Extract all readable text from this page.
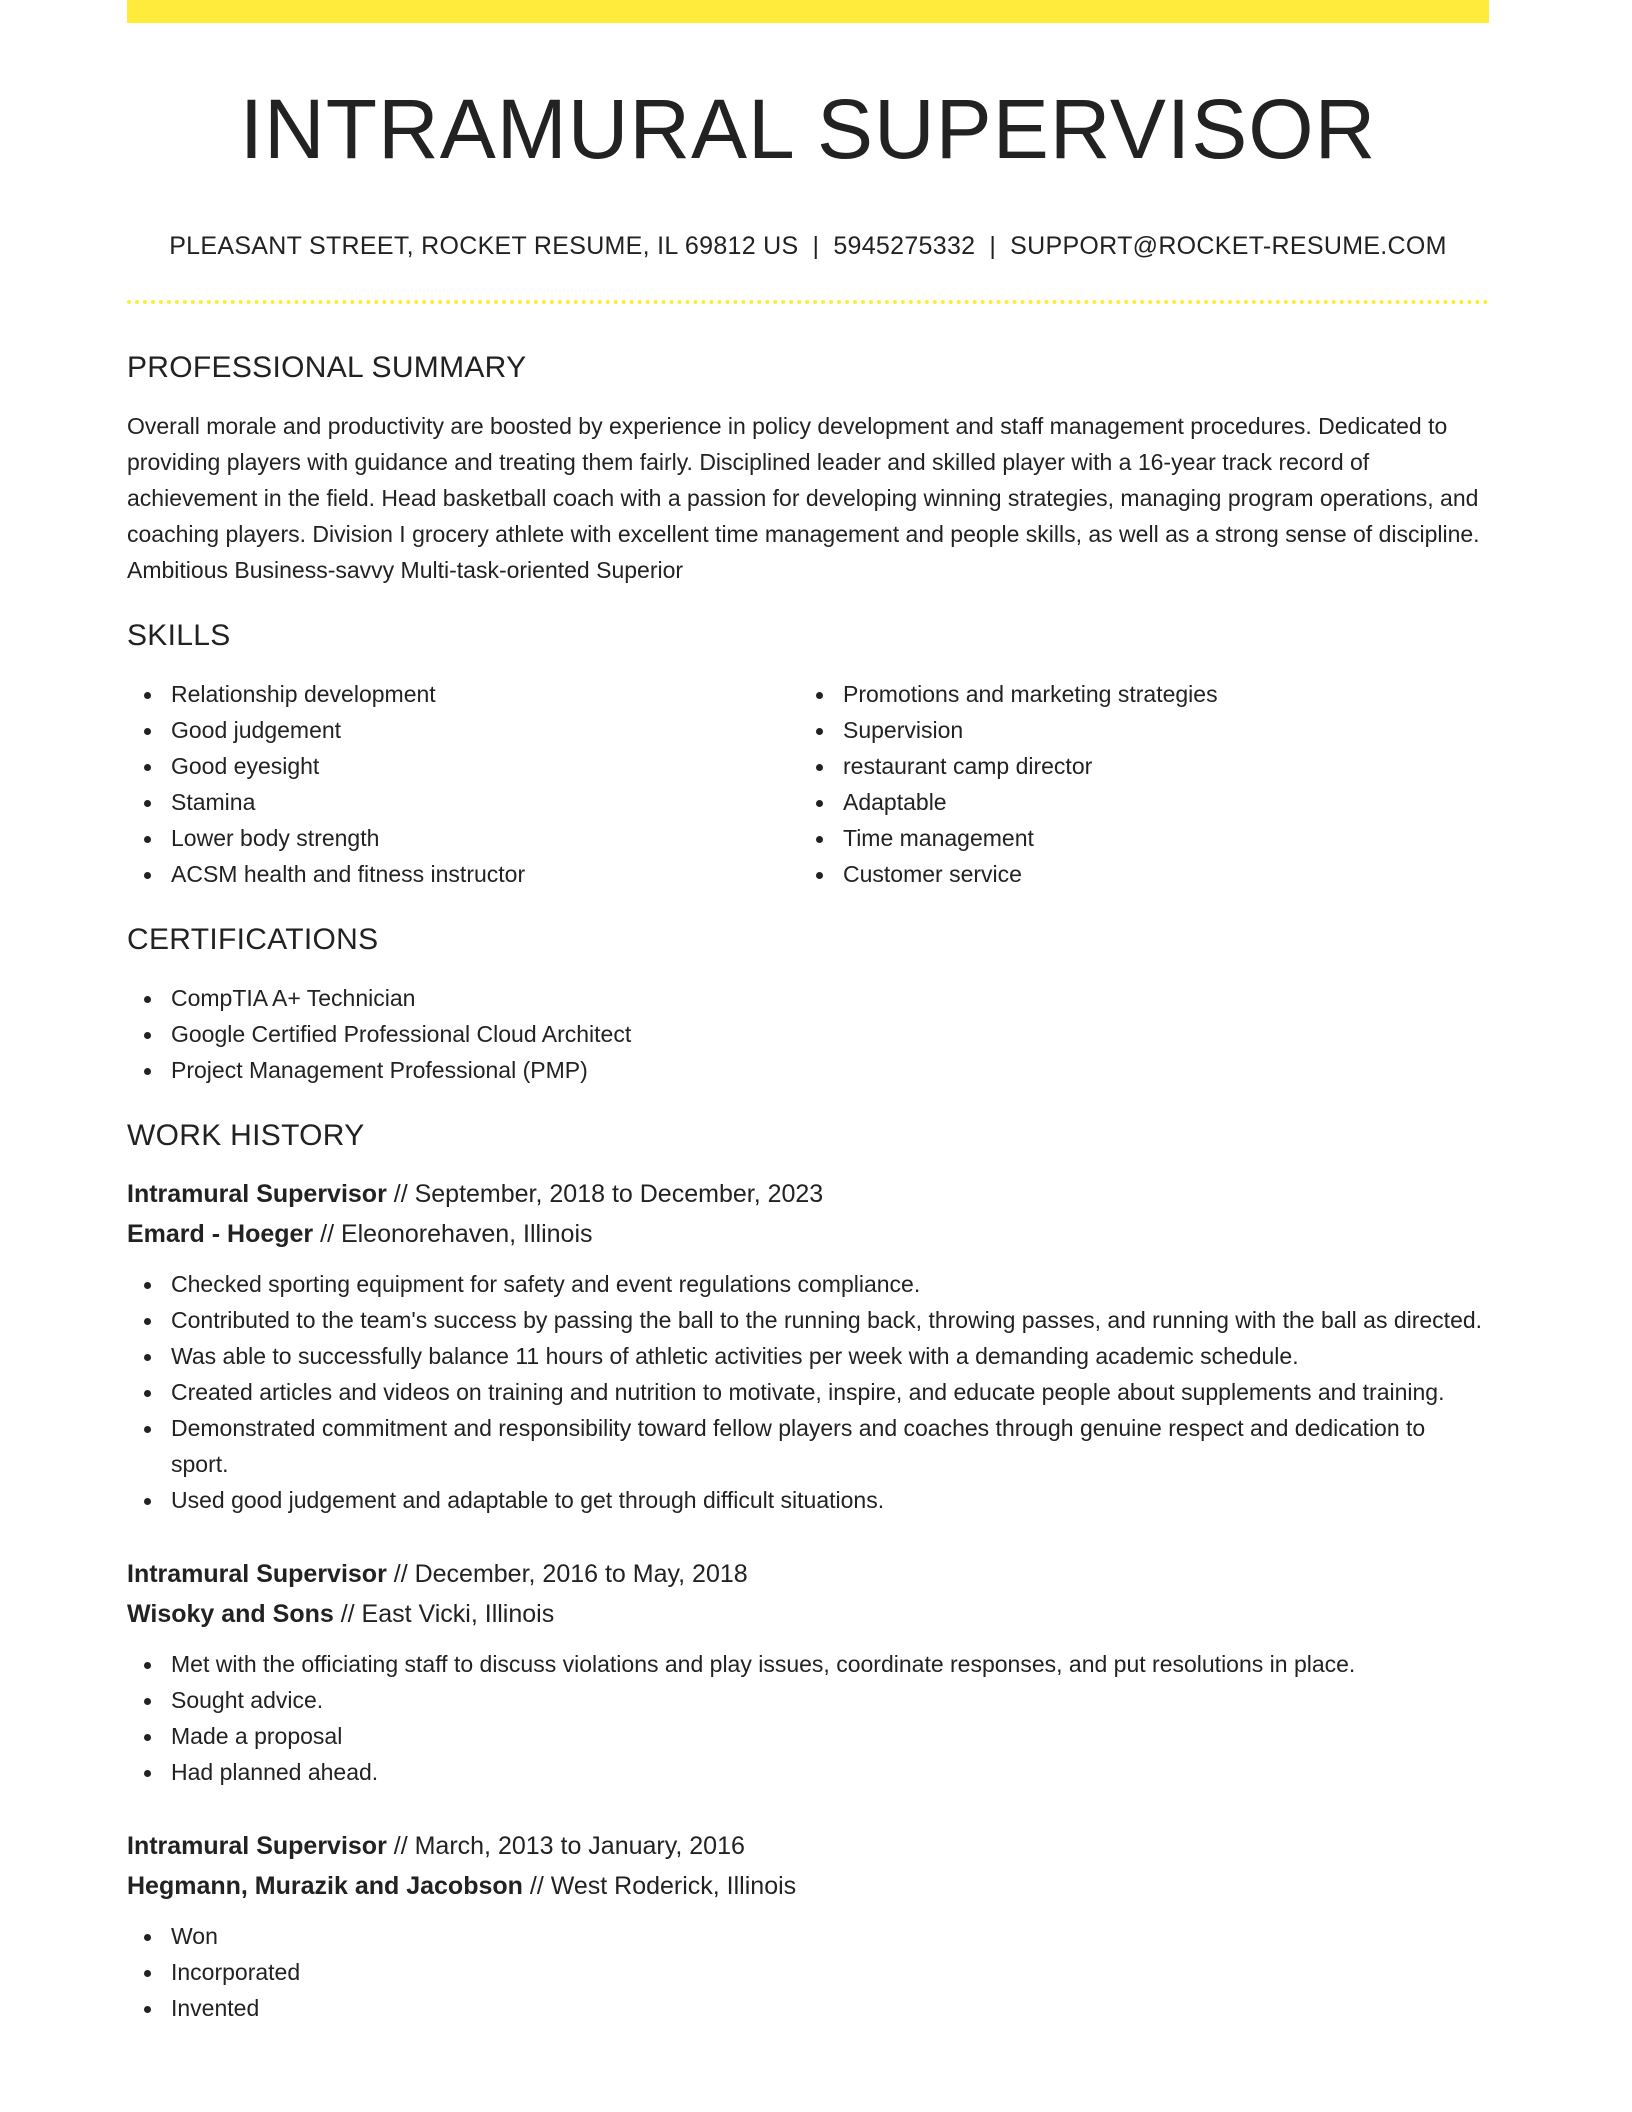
INTRAMURAL SUPERVISOR
PLEASANT STREET, ROCKET RESUME, IL 69812 US | 5945275332 | SUPPORT@ROCKET-RESUME.COM
PROFESSIONAL SUMMARY

Overall morale and productivity are boosted by experience in policy development and staff management procedures. Dedicated to providing players with guidance and treating them fairly. Disciplined leader and skilled player with a 16-year track record of achievement in the field. Head basketball coach with a passion for developing winning strategies, managing program operations, and coaching players. Division I grocery athlete with excellent time management and people skills, as well as a strong sense of discipline. Ambitious Business-savvy Multi-task-oriented Superior

SKILLS
Relationship development
Good judgement
Good eyesight
Stamina
Lower body strength
ACSM health and fitness instructor
Promotions and marketing strategies
Supervision
restaurant camp director
Adaptable
Time management
Customer service
CERTIFICATIONS
CompTIA A+ Technician
Google Certified Professional Cloud Architect
Project Management Professional (PMP)
WORK HISTORY
Intramural Supervisor // September, 2018 to December, 2023
Emard - Hoeger // Eleonorehaven, Illinois
Checked sporting equipment for safety and event regulations compliance.
Contributed to the team's success by passing the ball to the running back, throwing passes, and running with the ball as directed.
Was able to successfully balance 11 hours of athletic activities per week with a demanding academic schedule.
Created articles and videos on training and nutrition to motivate, inspire, and educate people about supplements and training.
Demonstrated commitment and responsibility toward fellow players and coaches through genuine respect and dedication to sport.
Used good judgement and adaptable to get through difficult situations.
Intramural Supervisor // December, 2016 to May, 2018
Wisoky and Sons // East Vicki, Illinois
Met with the officiating staff to discuss violations and play issues, coordinate responses, and put resolutions in place.
Sought advice.
Made a proposal
Had planned ahead.
Intramural Supervisor // March, 2013 to January, 2016
Hegmann, Murazik and Jacobson // West Roderick, Illinois
Won
Incorporated
Invented
